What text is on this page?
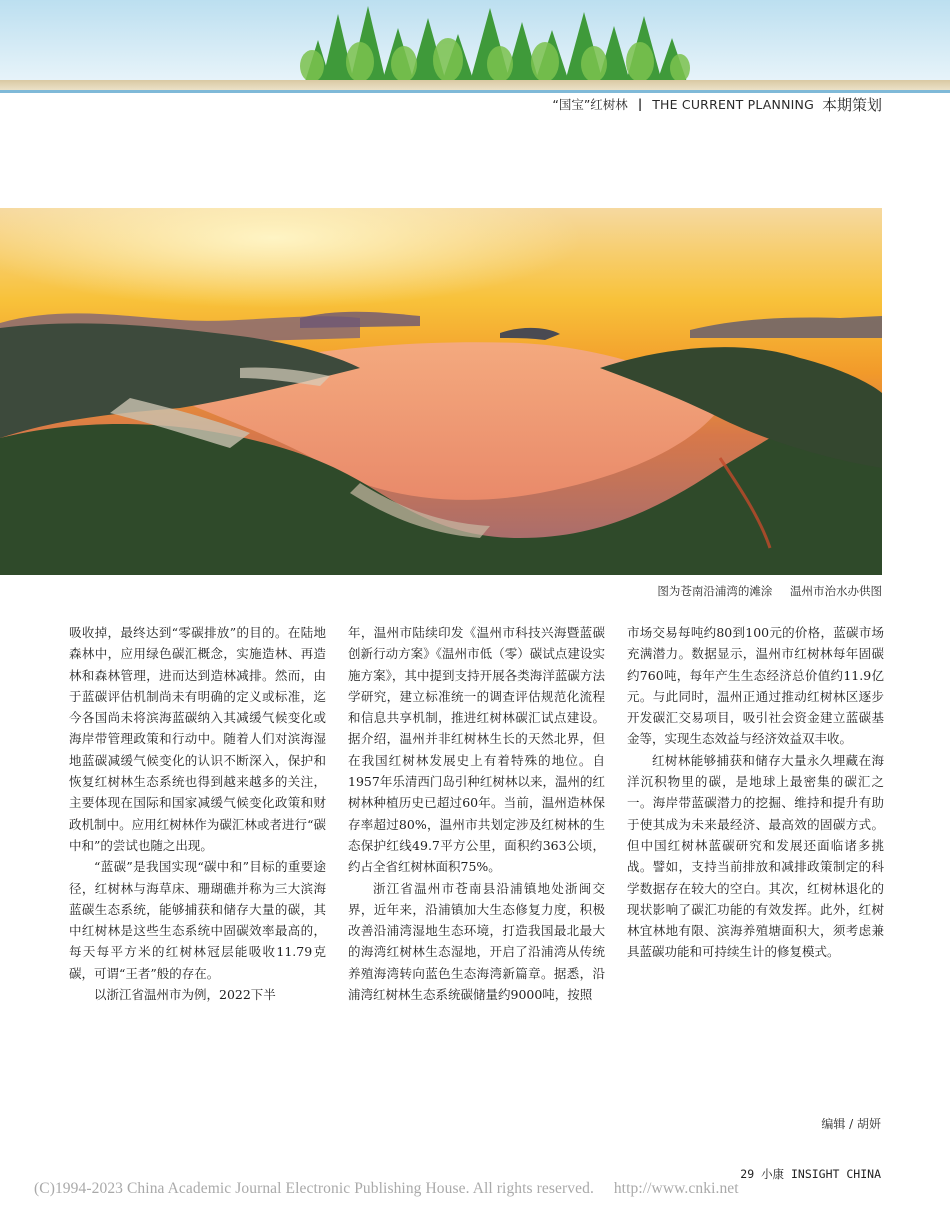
“国宝”红树林 | THE CURRENT PLANNING 本期策划
图为苍南沿浦湾的滩涂 温州市治水办供图

吸收掉，最终达到“零碳排放”的目的。在陆地森林中，应用绿色碳汇概念，实施造林、再造林和森林管理，进而达到造林减排。然而，由于蓝碳评估机制尚未有明确的定义或标准，迄今各国尚未将滨海蓝碳纳入其减缓气候变化或海岸带管理政策和行动中。随着人们对滨海湿地蓝碳减缓气候变化的认识不断深入，保护和恢复红树林生态系统也得到越来越多的关注，主要体现在国际和国家减缓气候变化政策和财政机制中。应用红树林作为碳汇林或者进行“碳中和”的尝试也随之出现。

“蓝碳”是我国实现“碳中和”目标的重要途径，红树林与海草床、珊瑚礁并称为三大滨海蓝碳生态系统，能够捕获和储存大量的碳，其中红树林是这些生态系统中固碳效率最高的，每天每平方米的红树林冠层能吸收11.79克碳，可谓“王者”般的存在。

以浙江省温州市为例，2022下半

年，温州市陆续印发《温州市科技兴海暨蓝碳创新行动方案》《温州市低（零）碳试点建设实施方案》，其中提到支持开展各类海洋蓝碳方法学研究，建立标准统一的调查评估规范化流程和信息共享机制，推进红树林碳汇试点建设。据介绍，温州并非红树林生长的天然北界，但在我国红树林发展史上有着特殊的地位。自1957年乐清西门岛引种红树林以来，温州的红树林种植历史已超过60年。当前，温州造林保存率超过80%，温州市共划定涉及红树林的生态保护红线49.7平方公里，面积约363公顷，约占全省红树林面积75%。

浙江省温州市苍南县沿浦镇地处浙闽交界，近年来，沿浦镇加大生态修复力度，积极改善沿浦湾湿地生态环境，打造我国最北最大的海湾红树林生态湿地，开启了沿浦湾从传统养殖海湾转向蓝色生态海湾新篇章。据悉，沿浦湾红树林生态系统碳储量约9000吨，按照

市场交易每吨约80到100元的价格，蓝碳市场充满潜力。数据显示，温州市红树林每年固碳约760吨，每年产生生态经济总价值约11.9亿元。与此同时，温州正通过推动红树林区逐步开发碳汇交易项目，吸引社会资金建立蓝碳基金等，实现生态效益与经济效益双丰收。

红树林能够捕获和储存大量永久埋藏在海洋沉积物里的碳，是地球上最密集的碳汇之一。海岸带蓝碳潜力的挖掘、维持和提升有助于使其成为未来最经济、最高效的固碳方式。但中国红树林蓝碳研究和发展还面临诸多挑战。譬如，支持当前排放和减排政策制定的科学数据存在较大的空白。其次，红树林退化的现状影响了碳汇功能的有效发挥。此外，红树林宜林地有限、滨海养殖塘面积大，须考虑兼具蓝碳功能和可持续生计的修复模式。

编辑 / 胡妍
29 小康 INSIGHT CHINA
(C)1994-2023 China Academic Journal Electronic Publishing House. All rights reserved. http://www.cnki.net
